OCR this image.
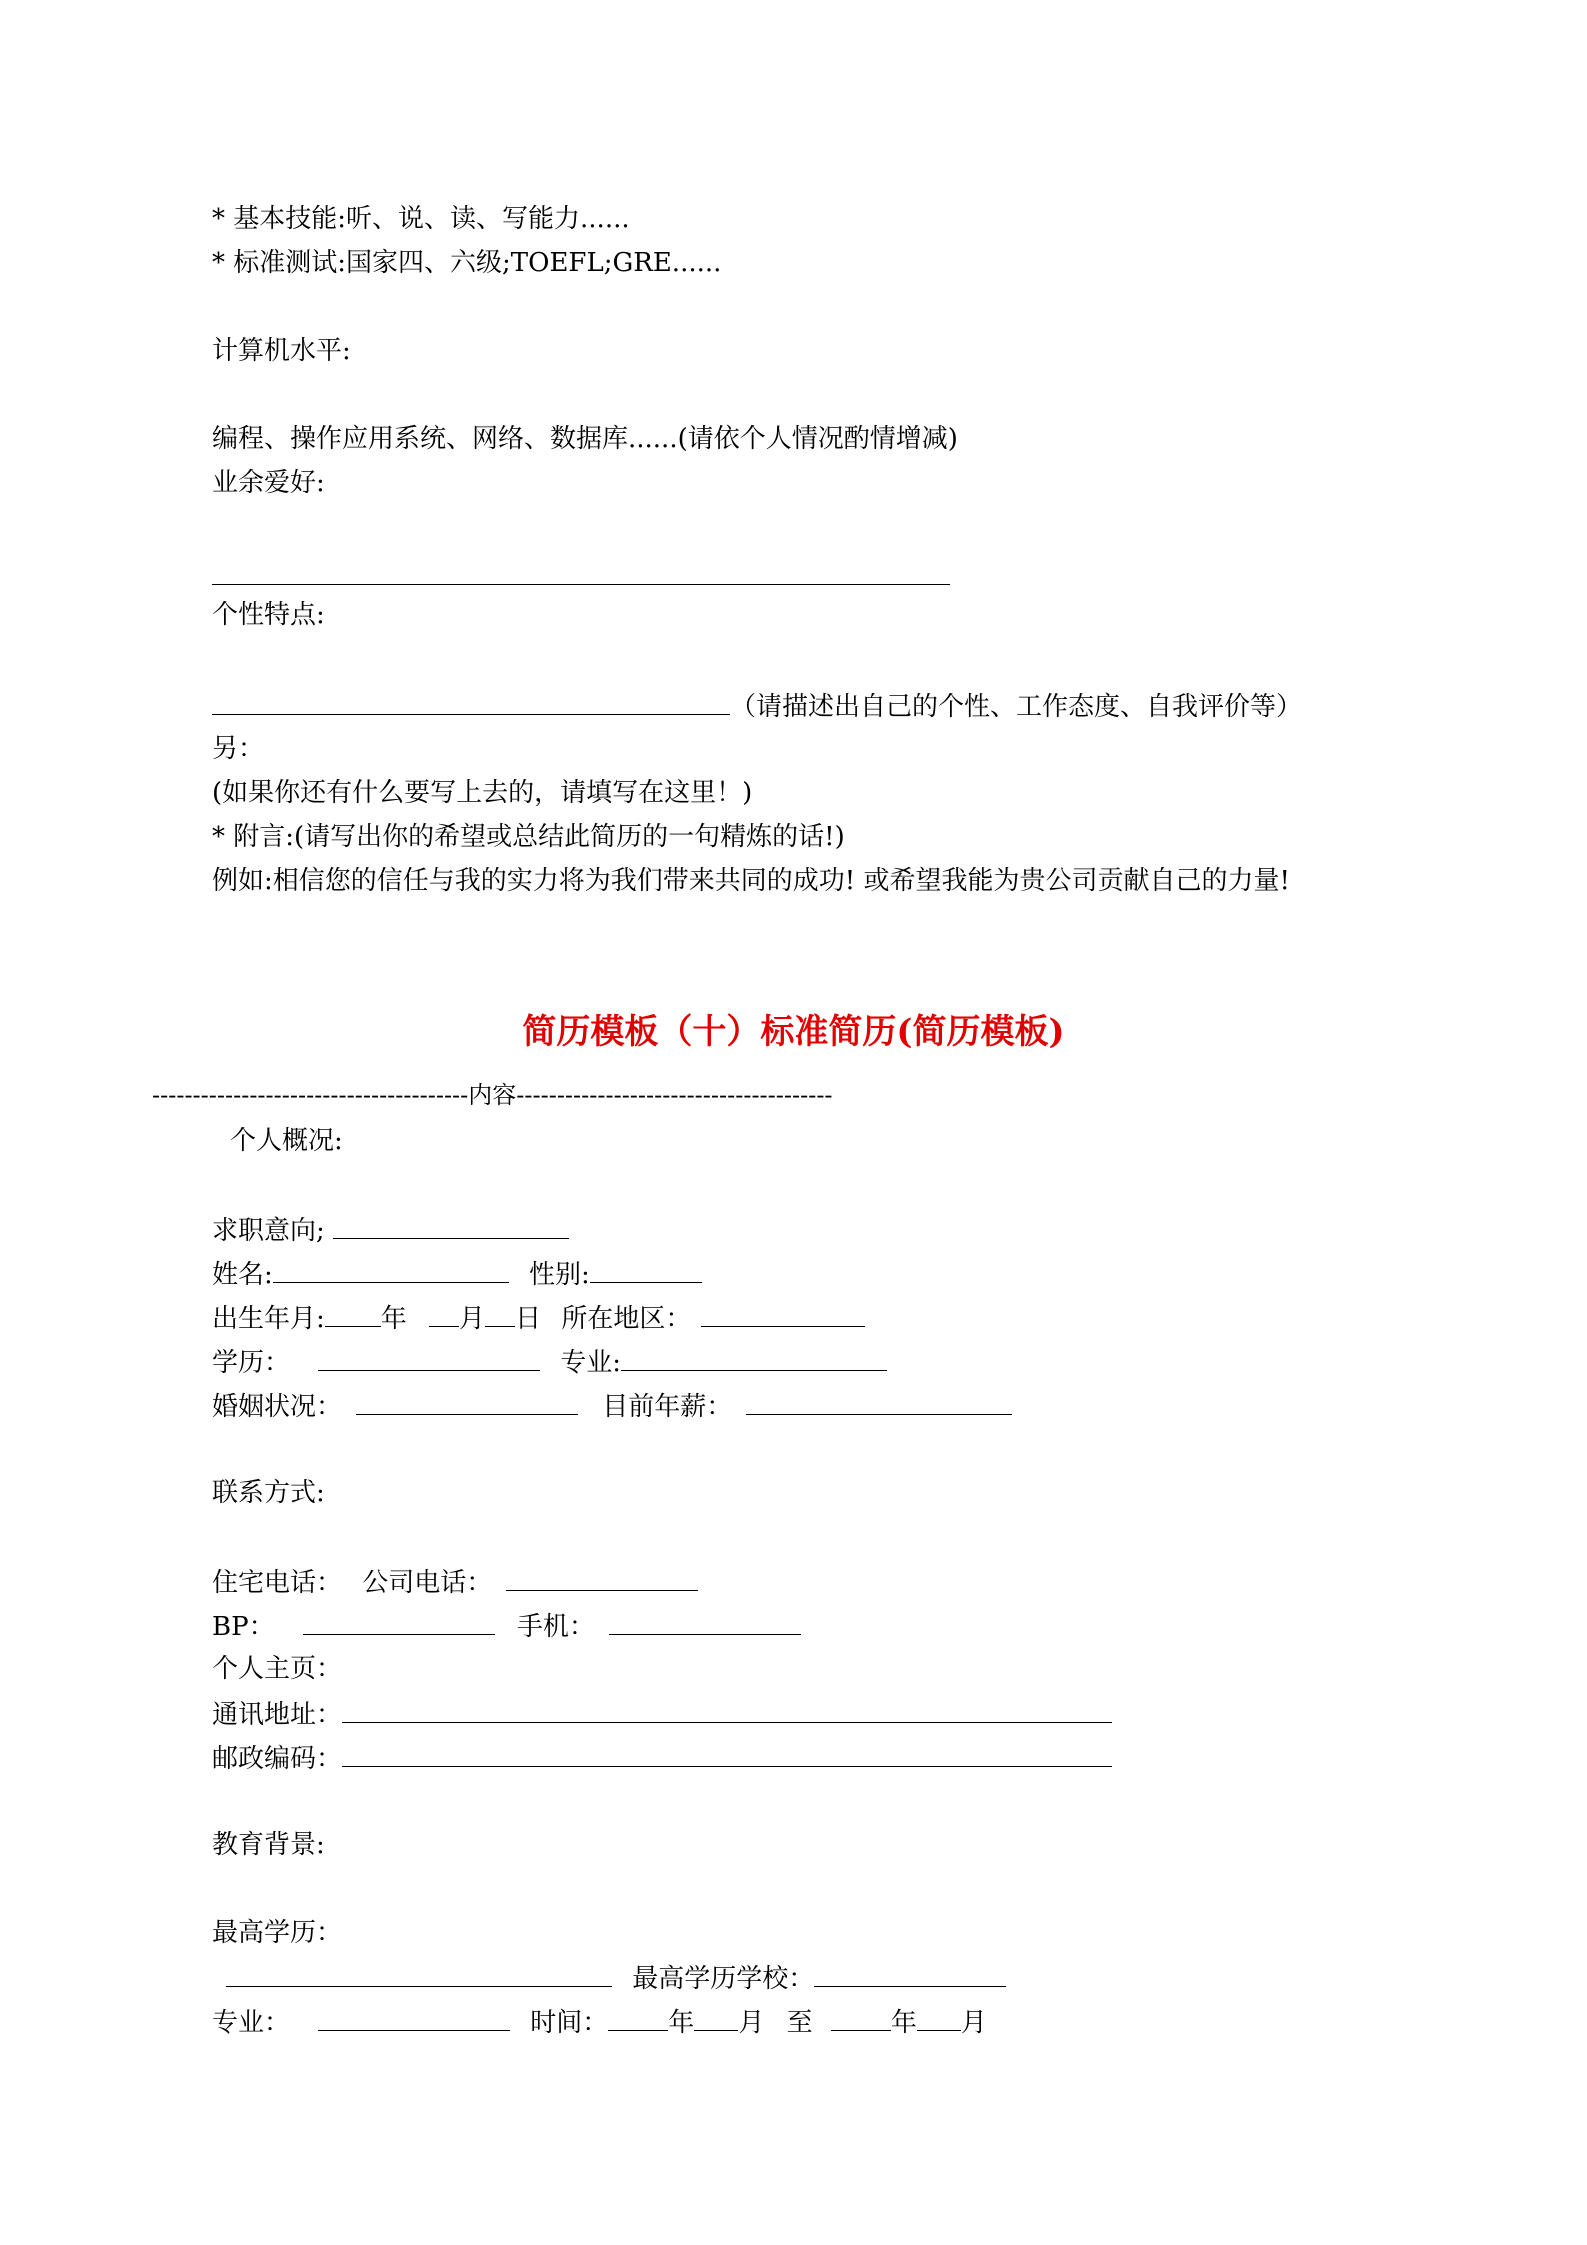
* 基本技能:听、说、读、写能力......
* 标准测试:国家四、六级;TOEFL;GRE......
计算机水平:
编程、操作应用系统、网络、数据库......(请依个人情况酌情增减)
业余爱好:
个性特点:
（请描述出自己的个性、工作态度、自我评价等）
另：
(如果你还有什么要写上去的，请填写在这里！)
* 附言:(请写出你的希望或总结此简历的一句精炼的话!)
例如:相信您的信任与我的实力将为我们带来共同的成功! 或希望我能为贵公司贡献自己的力量!
简历模板（十）标准简历(简历模板)
---------------------------------------内容---------------------------------------
个人概况:
求职意向;
姓名:	性别:
出生年月: 年 月 日 所在地区：
学历：	专业:
婚姻状况：	目前年薪：
联系方式:
住宅电话： 公司电话：
BP：	手机：
个人主页：
通讯地址：
邮政编码：
教育背景:
最高学历：
最高学历学校：
专业：	时间： 年 月 至	年 月
